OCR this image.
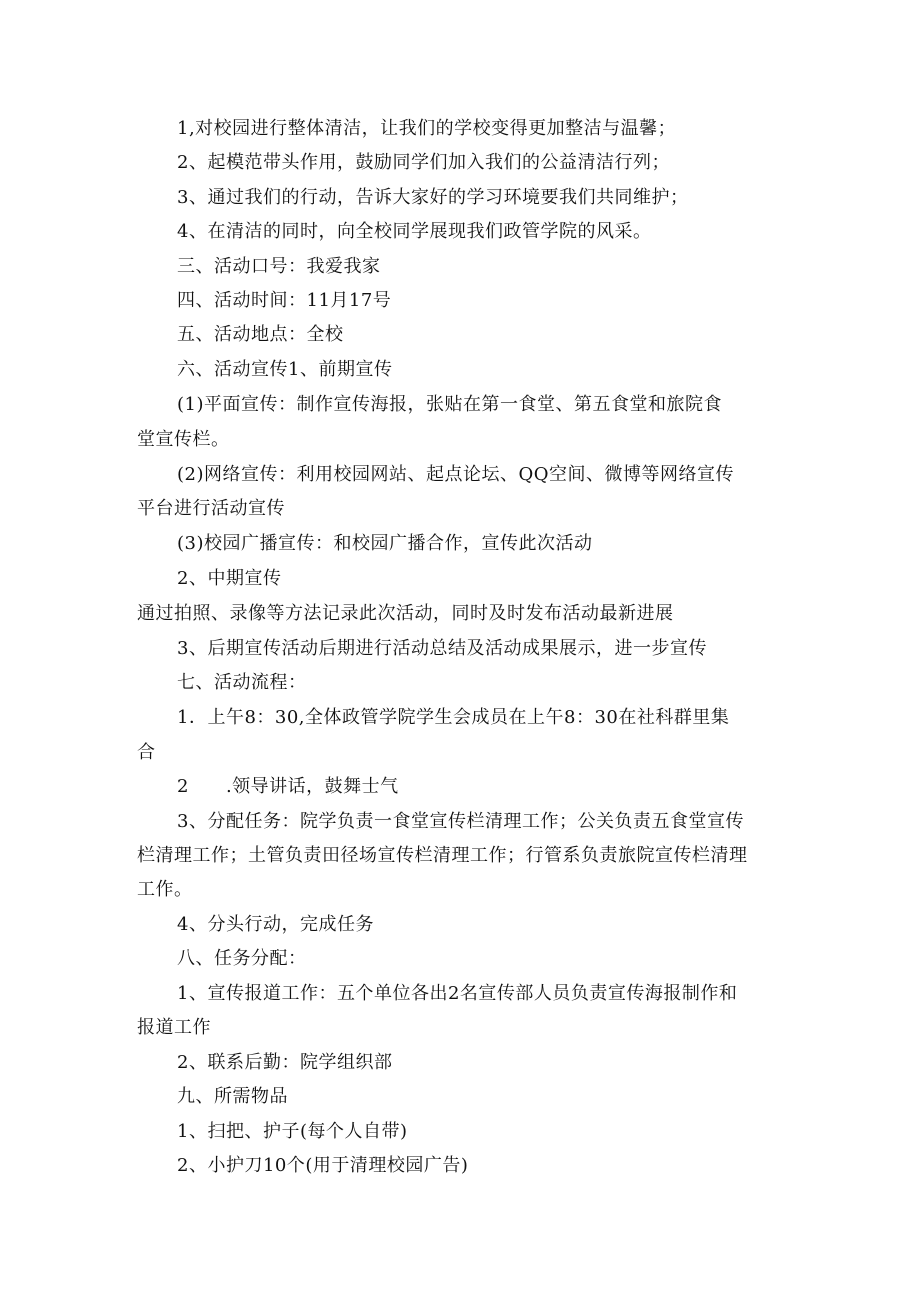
1,对校园进行整体清洁，让我们的学校变得更加整洁与温馨；
2、起模范带头作用，鼓励同学们加入我们的公益清洁行列；
3、通过我们的行动，告诉大家好的学习环境要我们共同维护；
4、在清洁的同时，向全校同学展现我们政管学院的风采。
三、活动口号：我爱我家
四、活动时间：11月17号
五、活动地点：全校
六、活动宣传1、前期宣传
(1)平面宣传：制作宣传海报，张贴在第一食堂、第五食堂和旅院食
堂宣传栏。
(2)网络宣传：利用校园网站、起点论坛、QQ空间、微博等网络宣传
平台进行活动宣传
(3)校园广播宣传：和校园广播合作，宣传此次活动
2、中期宣传
通过拍照、录像等方法记录此次活动，同时及时发布活动最新进展
3、后期宣传活动后期进行活动总结及活动成果展示，进一步宣传
七、活动流程：
1．上午8：30,全体政管学院学生会成员在上午8：30在社科群里集
合
2　　.领导讲话，鼓舞士气
3、分配任务：院学负责一食堂宣传栏清理工作；公关负责五食堂宣传
栏清理工作；土管负责田径场宣传栏清理工作；行管系负责旅院宣传栏清理
工作。
4、分头行动，完成任务
八、任务分配：
1、宣传报道工作：五个单位各出2名宣传部人员负责宣传海报制作和
报道工作
2、联系后勤：院学组织部
九、所需物品
1、扫把、护子(每个人自带)
2、小护刀10个(用于清理校园广告)
